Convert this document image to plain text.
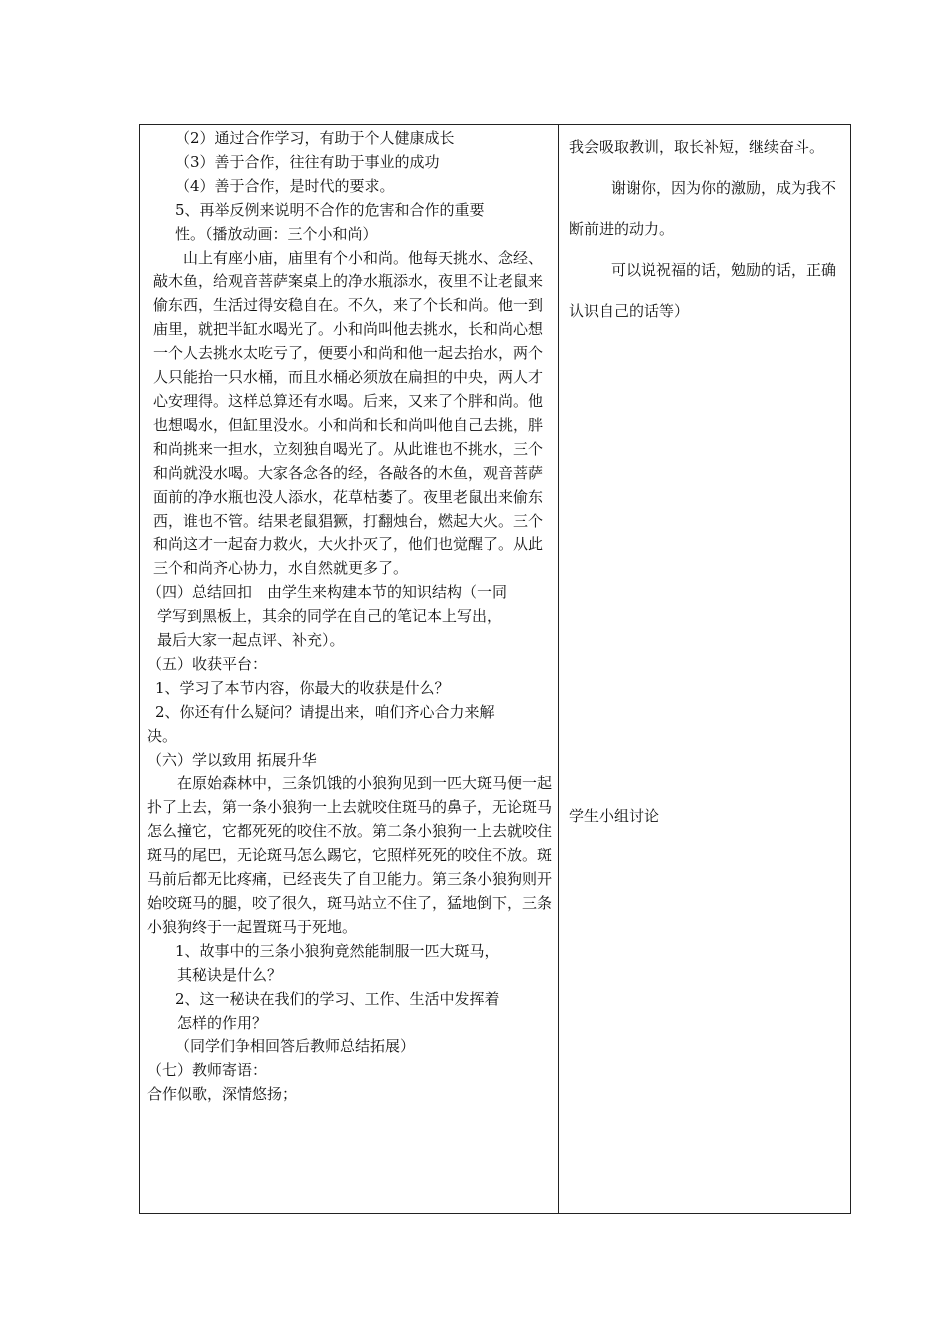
（2）通过合作学习，有助于个人健康成长

（3）善于合作，往往有助于事业的成功

（4）善于合作，是时代的要求。

5、再举反例来说明不合作的危害和合作的重要

性。（播放动画：三个小和尚）

山上有座小庙，庙里有个小和尚。他每天挑水、念经、敲木鱼，给观音菩萨案桌上的净水瓶添水，夜里不让老鼠来偷东西，生活过得安稳自在。不久，来了个长和尚。他一到庙里，就把半缸水喝光了。小和尚叫他去挑水，长和尚心想一个人去挑水太吃亏了，便要小和尚和他一起去抬水，两个人只能抬一只水桶，而且水桶必须放在扁担的中央，两人才心安理得。这样总算还有水喝。后来，又来了个胖和尚。他也想喝水，但缸里没水。小和尚和长和尚叫他自己去挑，胖和尚挑来一担水，立刻独自喝光了。从此谁也不挑水，三个和尚就没水喝。大家各念各的经，各敲各的木鱼，观音菩萨面前的净水瓶也没人添水，花草枯萎了。夜里老鼠出来偷东西，谁也不管。结果老鼠猖獗，打翻烛台，燃起大火。三个和尚这才一起奋力救火，大火扑灭了，他们也觉醒了。从此三个和尚齐心协力，水自然就更多了。

（四）总结回扣　由学生来构建本节的知识结构（一同

学写到黑板上，其余的同学在自己的笔记本上写出，

最后大家一起点评、补充）。

（五）收获平台：

1、学习了本节内容，你最大的收获是什么？

2、你还有什么疑问？请提出来，咱们齐心合力来解

决。

（六）学以致用 拓展升华

在原始森林中，三条饥饿的小狼狗见到一匹大斑马便一起扑了上去，第一条小狼狗一上去就咬住斑马的鼻子，无论斑马怎么撞它，它都死死的咬住不放。第二条小狼狗一上去就咬住斑马的尾巴，无论斑马怎么踢它，它照样死死的咬住不放。斑马前后都无比疼痛，已经丧失了自卫能力。第三条小狼狗则开始咬斑马的腿，咬了很久，斑马站立不住了，猛地倒下，三条小狼狗终于一起置斑马于死地。

1、故事中的三条小狼狗竟然能制服一匹大斑马，

其秘诀是什么？

2、这一秘诀在我们的学习、工作、生活中发挥着

怎样的作用？

（同学们争相回答后教师总结拓展）

（七）教师寄语：

合作似歌，深情悠扬；

我会吸取教训，取长补短，继续奋斗。

谢谢你，因为你的激励，成为我不断前进的动力。

可以说祝福的话，勉励的话，正确认识自己的话等）

学生小组讨论
